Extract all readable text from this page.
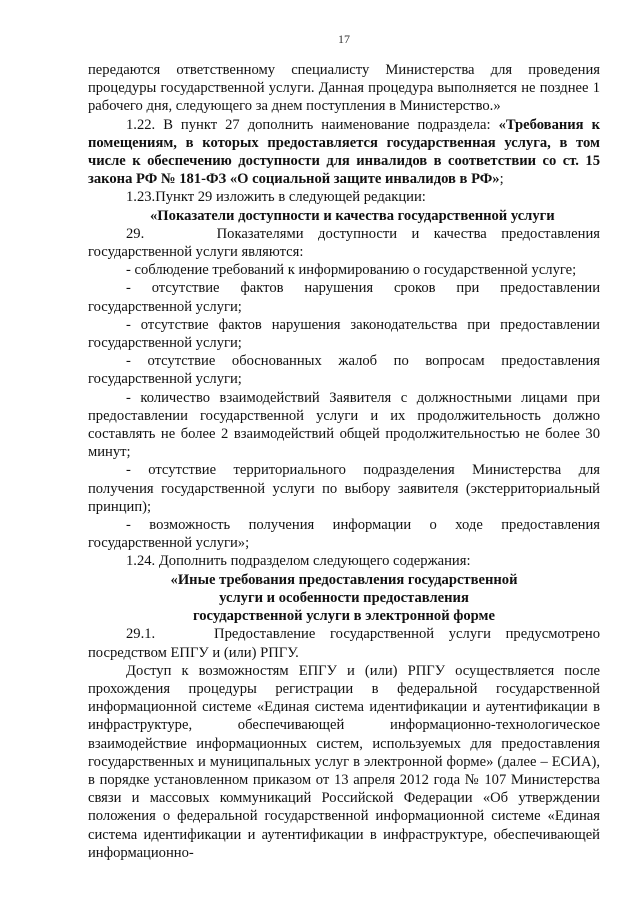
17

передаются ответственному специалисту Министерства для проведения процедуры государственной услуги. Данная процедура выполняется не позднее 1 рабочего дня, следующего за днем поступления в Министерство.»

1.22. В пункт 27 дополнить наименование подраздела: «Требования к помещениям, в которых предоставляется государственная услуга, в том числе к обеспечению доступности для инвалидов в соответствии со ст. 15 закона РФ № 181-ФЗ «О социальной защите инвалидов в РФ»;

1.23.Пункт 29 изложить в следующей редакции:

«Показатели доступности и качества государственной услуги

29.     Показателями доступности и качества предоставления государственной услуги являются:

- соблюдение требований к информированию о государственной услуге;

- отсутствие фактов нарушения сроков при предоставлении государственной услуги;

- отсутствие фактов нарушения законодательства при предоставлении государственной услуги;

- отсутствие обоснованных жалоб по вопросам предоставления государственной услуги;

- количество взаимодействий Заявителя с должностными лицами при предоставлении государственной услуги и их продолжительность должно составлять не более 2 взаимодействий общей продолжительностью не более 30 минут;

- отсутствие территориального подразделения Министерства для получения государственной услуги по выбору заявителя (экстерриториальный принцип);

- возможность получения информации о ходе предоставления государственной услуги»;

1.24. Дополнить подразделом следующего содержания:

«Иные требования предоставления государственной
услуги и особенности предоставления
государственной услуги в электронной форме

29.1.    Предоставление государственной услуги предусмотрено посредством ЕПГУ и (или) РПГУ.

Доступ к возможностям ЕПГУ и (или) РПГУ осуществляется после прохождения процедуры регистрации в федеральной государственной информационной системе «Единая система идентификации и аутентификации в инфраструктуре, обеспечивающей информационно-технологическое взаимодействие информационных систем, используемых для предоставления государственных и муниципальных услуг в электронной форме» (далее – ЕСИА), в порядке установленном приказом от 13 апреля 2012 года № 107 Министерства связи и массовых коммуникаций Российской Федерации «Об утверждении положения о федеральной государственной информационной системе «Единая система идентификации и аутентификации в инфраструктуре, обеспечивающей информационно-
